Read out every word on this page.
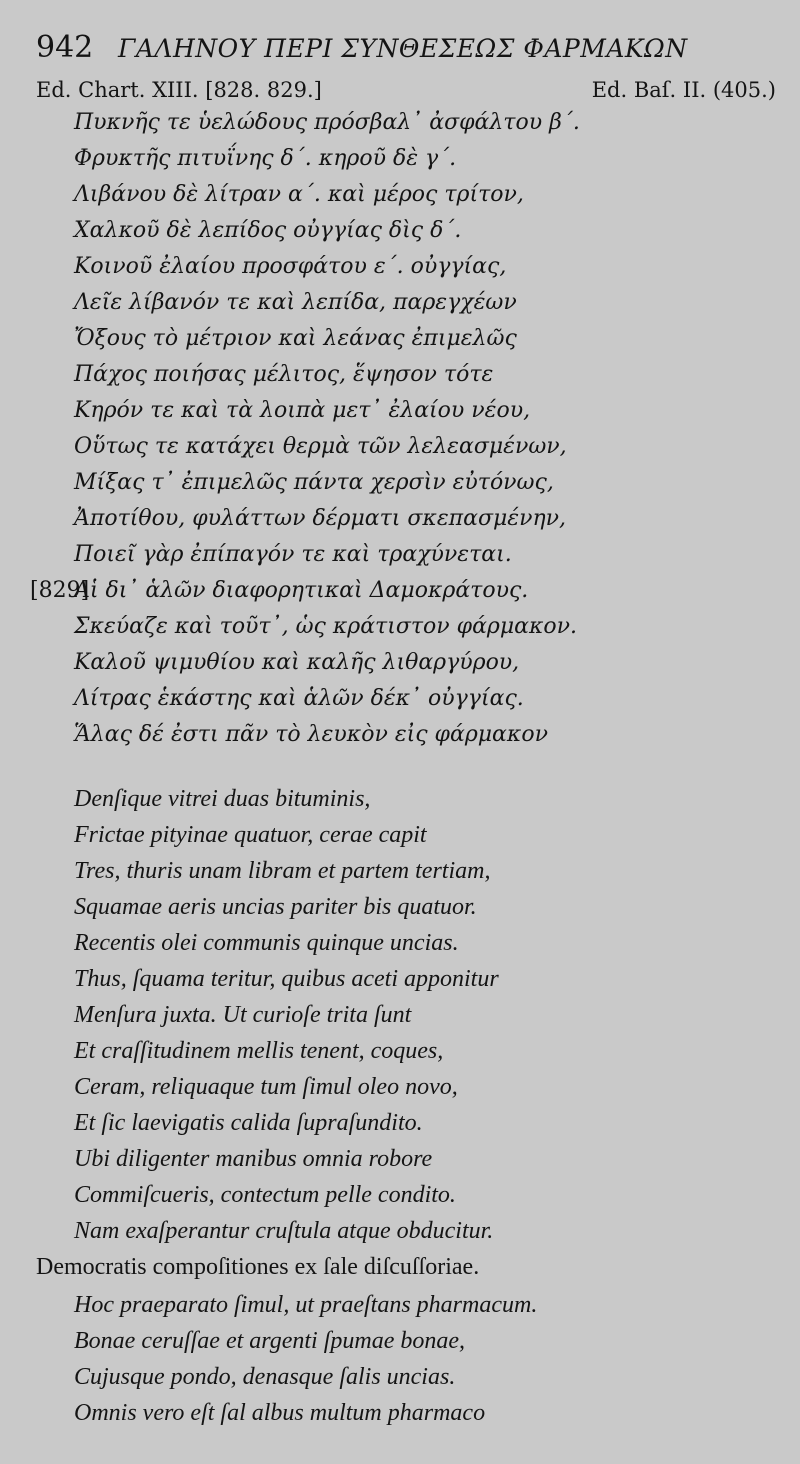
942 ΓΑΛΗΝΟΥ ΠΕΡΙ ΣΥΝΘΕΣΕΩΣ ΦΑΡΜΑΚΩΝ
Ed. Chart. XIII. [828. 829.]	Ed. Baſ. II. (405.)
Πυκνῆς τε ὑελώδους πρόσβαλ᾽ ἀσφάλτου β΄.
Φρυκτῆς πιτυΐνης δ΄. κηροῦ δὲ γ΄.
Λιβάνου δὲ λίτραν α΄. καὶ μέρος τρίτον,
Χαλκοῦ δὲ λεπίδος οὐγγίας δὶς δ΄.
Κοινοῦ ἐλαίου προσφάτου ε΄. οὐγγίας,
Λεῖε λίβανόν τε καὶ λεπίδα, παρεγχέων
Ὄξους τὸ μέτριον καὶ λεάνας ἐπιμελῶς
Πάχος ποιήσας μέλιτος, ἕψησον τότε
Κηρόν τε καὶ τὰ λοιπὰ μετ᾽ ἐλαίου νέου,
Οὕτως τε κατάχει θερμὰ τῶν λελεασμένων,
Μίξας τ᾽ ἐπιμελῶς πάντα χερσὶν εὐτόνως,
Ἀποτίθου, φυλάττων δέρματι σκεπασμένην,
Ποιεῖ γὰρ ἐπίπαγόν τε καὶ τραχύνεται.
[829]
Αἱ δι᾽ ἁλῶν διαφορητικαὶ Δαμοκράτους.
Σκεύαζε καὶ τοῦτ᾽, ὡς κράτιστον φάρμακον.
Καλοῦ ψιμυθίου καὶ καλῆς λιθαργύρου,
Λίτρας ἑκάστης καὶ ἁλῶν δέκ᾽ οὐγγίας.
Ἅλας δέ ἐστι πᾶν τὸ λευκὸν εἰς φάρμακον
Denſique vitrei duas bituminis,
Frictae pityinae quatuor, cerae capit
Tres, thuris unam libram et partem tertiam,
Squamae aeris uncias pariter bis quatuor.
Recentis olei communis quinque uncias.
Thus, ſquama teritur, quibus aceti apponitur
Menſura juxta. Ut curioſe trita ſunt
Et craſſitudinem mellis tenent, coques,
Ceram, reliquaque tum ſimul oleo novo,
Et ſic laevigatis calida ſupraſundito.
Ubi diligenter manibus omnia robore
Commiſcueris, contectum pelle condito.
Nam exaſperantur cruſtula atque obducitur.
Democratis compoſitiones ex ſale diſcuſſoriae.
Hoc praeparato ſimul, ut praeſtans pharmacum.
Bonae ceruſſae et argenti ſpumae bonae,
Cujusque pondo, denasque ſalis uncias.
Omnis vero eſt ſal albus multum pharmaco
